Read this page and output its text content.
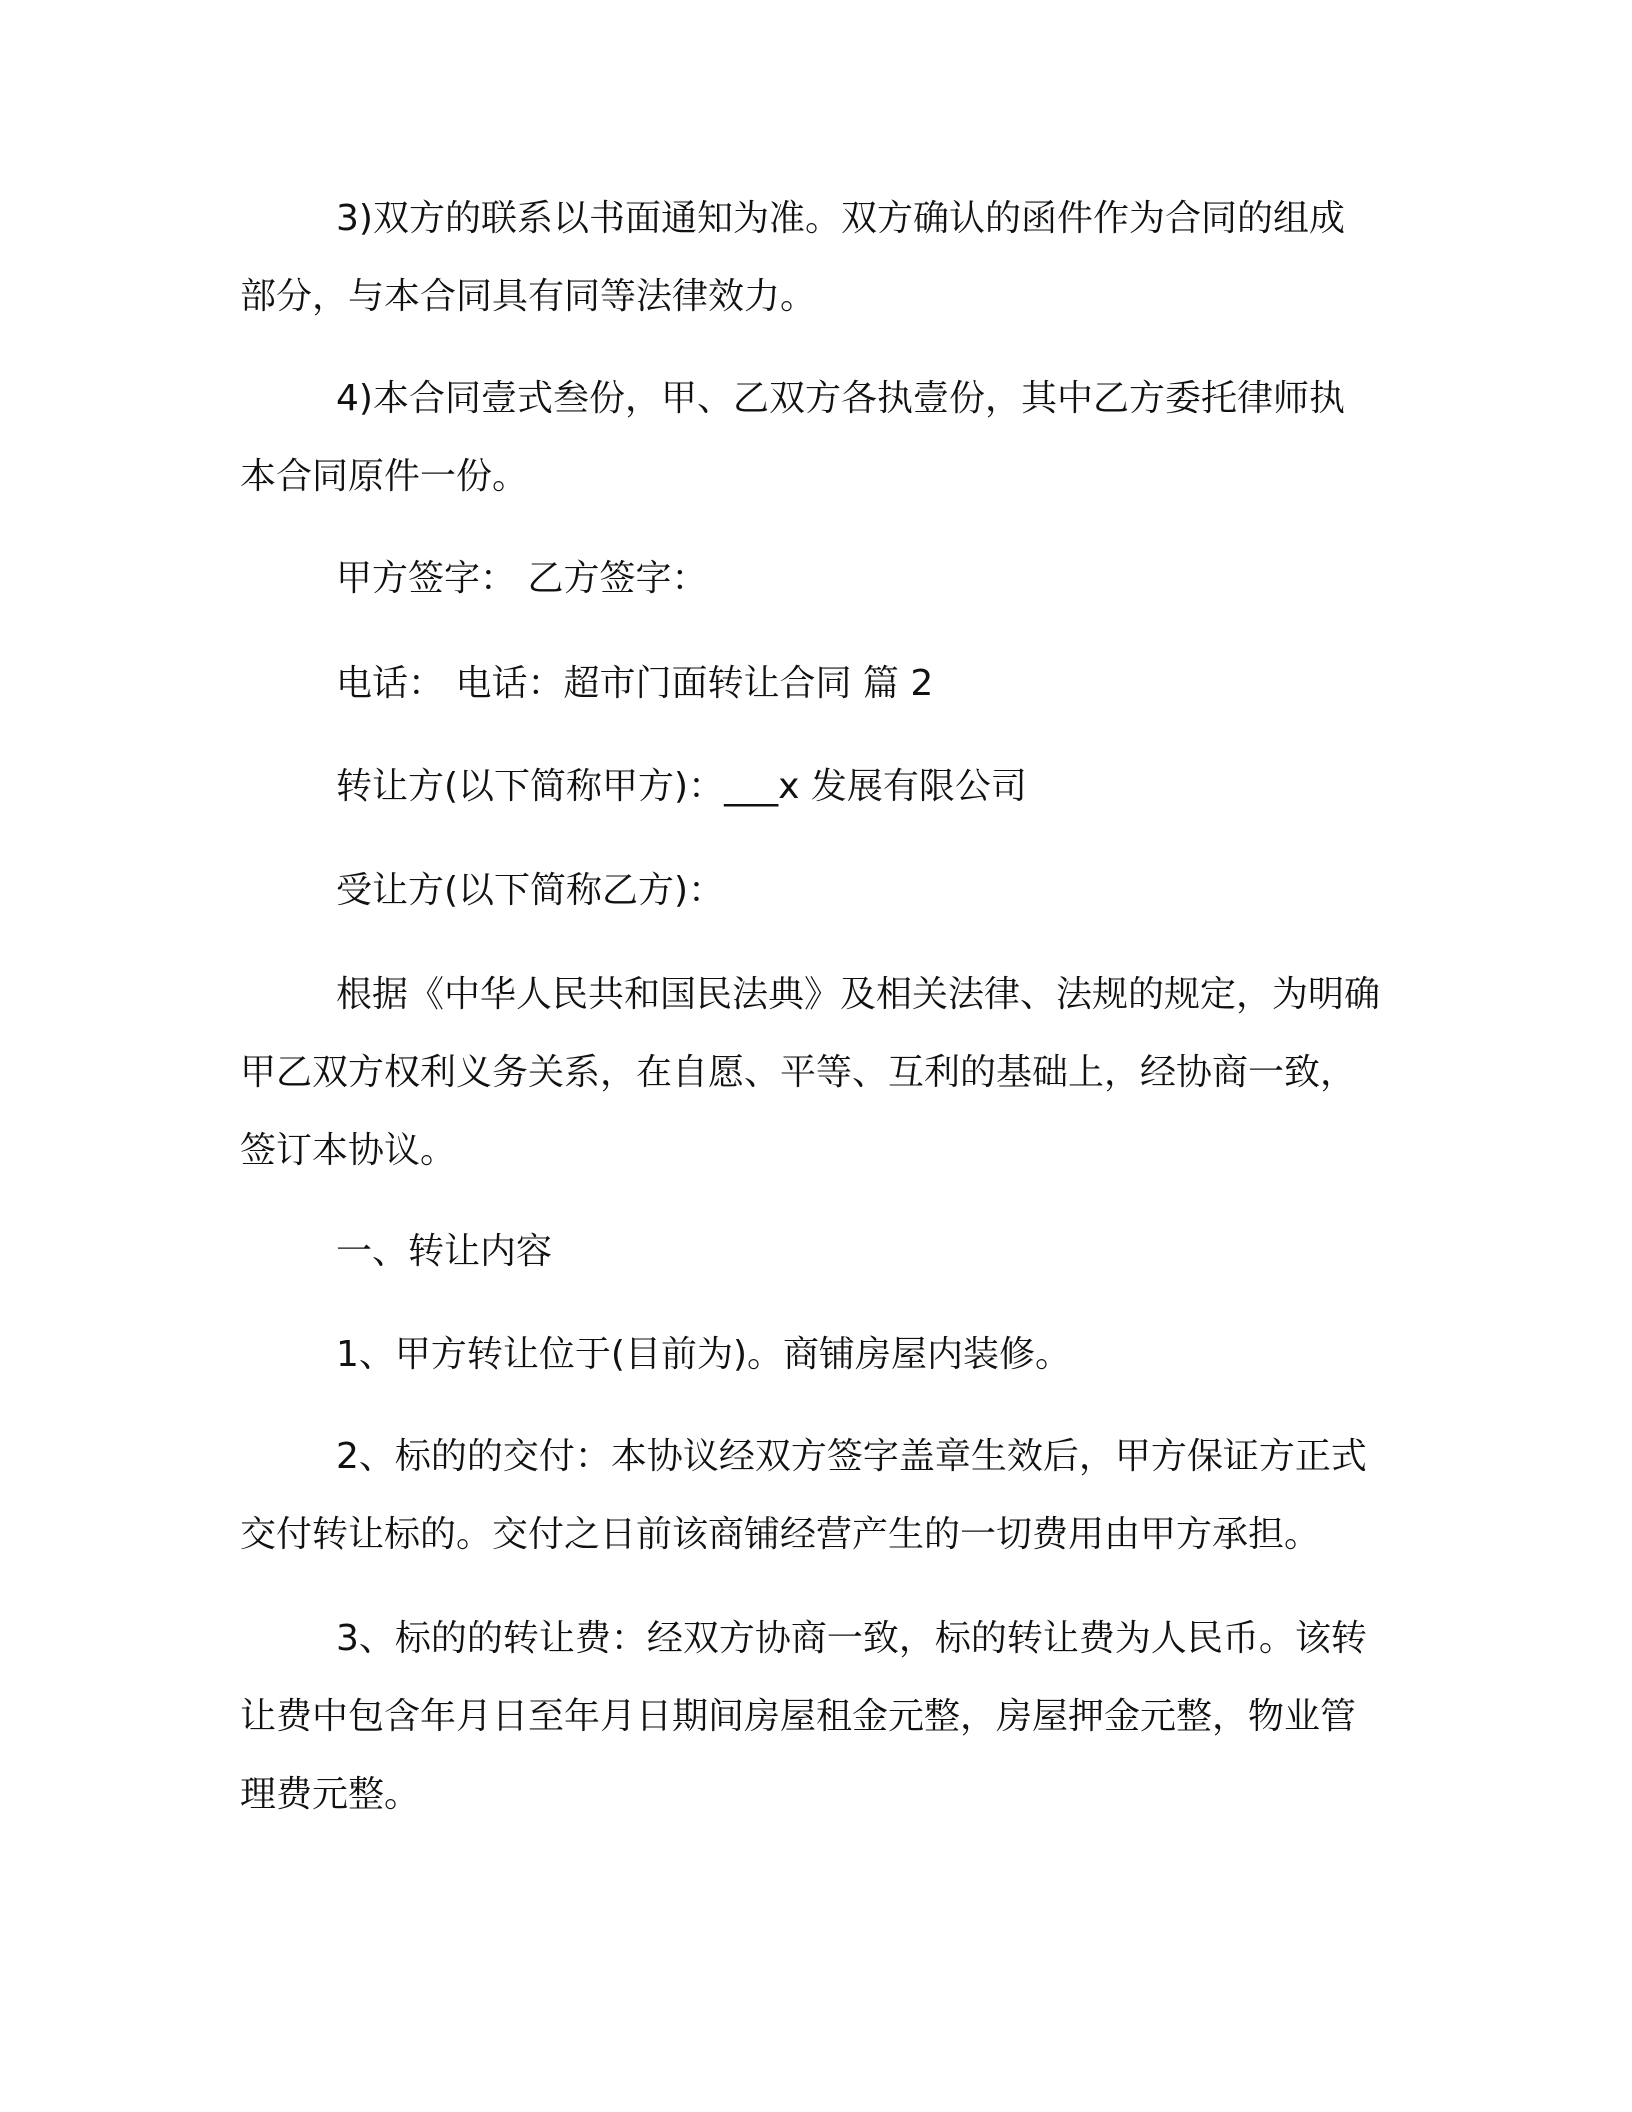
3)双方的联系以书面通知为准。双方确认的函件作为合同的组成部分，与本合同具有同等法律效力。

4)本合同壹式叁份，甲、乙双方各执壹份，其中乙方委托律师执本合同原件一份。

甲方签字： 乙方签字：

电话： 电话：超市门面转让合同 篇 2

转让方(以下简称甲方)：___x 发展有限公司

受让方(以下简称乙方)：

根据《中华人民共和国民法典》及相关法律、法规的规定，为明确甲乙双方权利义务关系，在自愿、平等、互利的基础上，经协商一致，签订本协议。

一、转让内容

1、甲方转让位于(目前为)。商铺房屋内装修。

2、标的的交付：本协议经双方签字盖章生效后，甲方保证方正式交付转让标的。交付之日前该商铺经营产生的一切费用由甲方承担。

3、标的的转让费：经双方协商一致，标的转让费为人民币。该转让费中包含年月日至年月日期间房屋租金元整，房屋押金元整，物业管理费元整。
